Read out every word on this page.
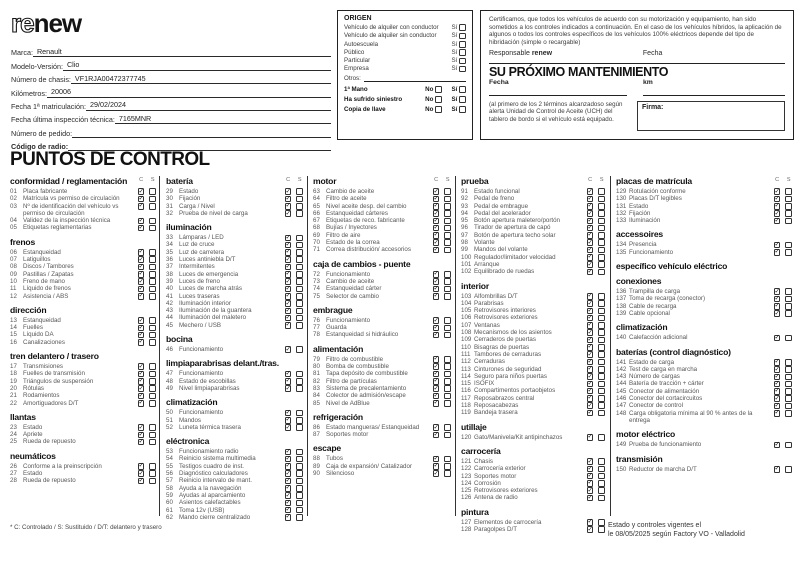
renew
Marca: Renault
Modelo-Versión: Clio
Número de chasis: VF1RJA00472377745
Kilómetros: 20006
Fecha 1ª matriculación: 29/02/2024
Fecha última inspección técnica: 7165MNR
Número de pedido:
Código de radio:
ORIGEN
Vehículo de alquiler con conductor	Sí
Vehículo de alquiler sin conductor	Sí
Autoescuela	Sí
Público	Sí
Particular	Sí
Empresa	Sí
Otros:
1ª Mano	No	Sí
Ha sufrido siniestro	No	Sí
Copia de llave	No	Sí
Certificamos, que todos los vehículos de acuerdo con su motorización y equipamiento, han sido sometidos a los controles indicados a continuación. En el caso de los vehículos híbridos, la aplicación de algunos o todos los controles específicos de los vehículos 100% eléctricos depende del tipo de hibridación (simple o recargable)
Responsable renew	Fecha
SU PRÓXIMO MANTENIMIENTO
Fecha	km
(al primero de los 2 términos alcanzadoso según alerta Unidad de Control de Aceite (UCH) del tablero de bordo si el vehículo está equipado.
Firma:
PUNTOS DE CONTROL
C S
conformidad / reglamentación
01 Placa fabricante	✓
02 Matrícula vs permiso de circulación	✓
03 Nº de identificación del vehículo vs permiso de circulación
✓
04 Validez de la inspección técnica	✓
05 Etiquetas reglamentarias	✓
frenos
06 Estanqueidad	✓
07 Latiguillos	✓
08 Discos / Tambores	✓
09 Pastillas / Zapatas	✓
10 Freno de mano	✓
11	Líquido de frenos	✓
12 Asistencia / ABS	✓
dirección
13 Estanqueidad	✓
14 Fuelles	✓
15 Líquido DA	✓
16 Canalizaciones	✓
tren delantero / trasero
17 Transmisiones	✓
18 Fuelles de transmisión	✓
19 Triángulos de suspensión	✓
20 Rótulas	✓
21 Rodamientos	✓
22 Amortiguadores D/T	✓
llantas
23 Estado	✓
24 Apriete	✓
25 Rueda de repuesto	✓
neumáticos
26 Conforme a la preinscripción	✓
27 Estado	✓
28 Rueda de repuesto	✓
C S
batería
29 Estado	✓
30 Fijación	✓
31 Carga / Nivel	✓
32 Prueba de nivel de carga	✓
iluminación
33 Lámparas / LED	✓
34 Luz de cruce	✓
35 Luz de carretera	✓
36 Luces antiniebla D/T	✓
37 Intermitentes	✓
38 Luces de emergencia	✓
39 Luces de freno	✓
40 Luces de marcha atrás	✓
41 Luces traseras	✓
42 Iluminación interior	✓
43 Iluminación de la guantera	✓
44 Iluminación del maletero	✓
45 Mechero / USB	✓
bocina
46 Funcionamiento	✓
limpiaparabrisas delant./tras.
47 Funcionamiento	✓
48 Estado de escobillas	✓
49 Nivel limpiaparabrisas	✓
climatización
50 Funcionamiento	✓
51 Mandos	✓
52 Luneta térmica trasera	✓
eléctronica
53 Funcionamiento radio	✓
54 Reinicio sistema multimedia	✓
55 Testigos cuadro de inst.	✓
56 Diagnóstico calculadores	✓
57 Reinicio intervalo de mant.	✓
58 Ayuda a la navegación	✓
59 Ayudas al aparcamiento	✓
60 Asientos calefactables	✓
61 Toma 12v (USB)	✓
62 Mando cierre centralizado	✓
C S
motor
63 Cambio de aceite	✓
64 Filtro de aceite	✓
65 Nivel aceite desp. del cambio	✓
66 Estanqueidad cárteres	✓
67 Etiquetas de reco. fabricante	✓
68 Bujías / Inyectores	✓
69 Filtro de aire	✓
70 Estado de la correa	✓
71 Correa distribución/ accesorios	✓
caja de cambios - puente
72 Funcionamiento	✓
73 Cambio de aceite	✓
74 Estanqueidad cárter	✓
75 Selector de cambio	✓
embrague
76 Funcionamiento	✓
77 Guarda	✓
78 Estanqueidad si hidráulico	✓
alimentación
79 Filtro de combustible	✓
80 Bomba de combustible	✓
81 Tapa depósito de combustible	✓
82 Filtro de partículas	✓
83 Sistema de precalentamiento	✓
84 Colector de admisión/escape	✓
85 Nivel de AdBlue	✓
refrigeración
86 Estado mangueras/ Estanqueidad	✓
87 Soportes motor	✓
escape
88 Tubos	✓
89 Caja de expansión/ Catalizador	✓
90 Silencioso	✓
C S
prueba
91 Estado funcional	✓
92 Pedal de freno	✓
93 Pedal de embrague	✓
94 Pedal del acelerador	✓
95 Botón apertura maletero/portón	✓
96 Tirador de apertura de capó	✓
97 Botón de apertura techo solar	✓
98 Volante	✓
99 Mandos del volante	✓
100 Regulador/limitador velocidad	✓
101 Arranque	✓
102 Equilibrado de ruedas	✓
interior
103 Alfombrillas D/T	✓
104 Parabrisas	✓
105 Retrovisores interiores	✓
106 Retrovisores exteriores	✓
107 Ventanas	✓
108 Mecanismos de los asientos	✓
109 Cerraderos de puertas	✓
110 Bisagras de puertas	✓
111 Tambores de cerraduras	✓
112 Cerraduras	✓
113 Cinturones de seguridad	✓
114 Seguro para niños puertas	✓
115 ISOFIX	✓
116 Compartimentos portaobjetos	✓
117 Reposabrazos central	✓
118 Reposacabezas	✓
119 Bandeja trasera	✓
utillaje
120 Gato/Manivela/Kit antipinchazos	✓
carrocería
121 Chasis	✓
122 Carrocería exterior	✓
123 Soportes motor	✓
124 Corrosión	✓
125 Retrovisores exteriores	✓
126 Antena de radio	✓
pintura
127 Elementos de carrocería	✓
128 Paragolpes D/T	✓
C S
placas de matrícula
129 Rotulación conforme	✓
130 Placas D/T legibles	✓
131 Estado	✓
132 Fijación	✓
133 Iluminación	✓
accessoires
134 Presencia	✓
135 Funcionamiento	✓
específico vehículo eléctrico
conexiones
136 Trampilla de carga	✓
137 Toma de recarga (conector)	✓
138 Cable de recarga	✓
139 Cable opcional	✓
climatización
140 Calefacción adicional	✓
baterías (control diagnóstico)
141 Estado de carga	✓
142 Test de carga en marcha	✓
143 Número de cargas	✓
144 Batería de tracción + cárter	✓
145 Conector de alimentación	✓
146 Conector del cortacircuitos	✓
147 Conector de control	✓
148 Carga obligatoria mínima al 90 % antes de la entrega
✓
motor eléctrico
149 Prueba de funcionamiento	✓
transmisión
150 Reductor de marcha D/T	✓
* C: Controlado / S: Sustituido / D/T: delantero y trasero	Estado y controles vigentes el
le 08/05/2025 según Factory VO - Valladolid
